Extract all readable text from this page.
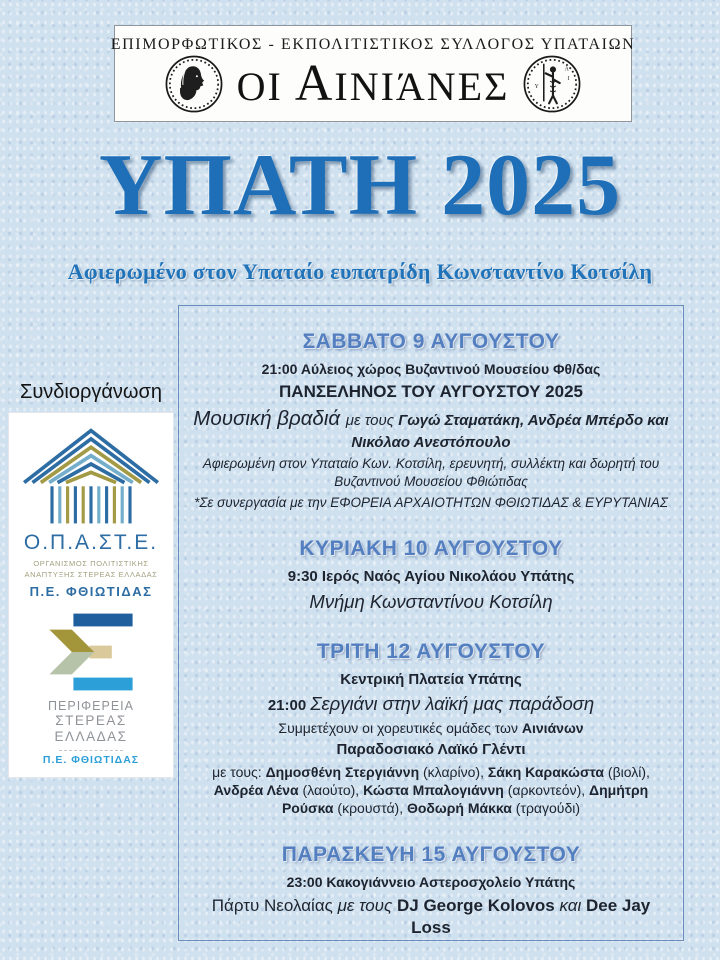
ΕΠΙΜΟΡΦΩΤΙΚΟΣ - ΕΚΠΟΛΙΤΙΣΤΙΚΟΣ ΣΥΛΛΟΓΟΣ ΥΠΑΤΑΙΩΝ
ΟΙ ΑΙΝΙΆΝΕΣ	Α
Ι
Υ
ΥΠΑΤΗ 2025
Αφιερωμένο στον Υπαταίο ευπατρίδη Κωνσταντίνο Κοτσίλη
Συνδιοργάνωση
Ο.Π.Α.ΣΤ.Ε.
ΟΡΓΑΝΙΣΜΟΣ ΠΟΛΙΤΙΣΤΙΚΗΣ
ΑΝΑΠΤΥΞΗΣ ΣΤΕΡΕΑΣ ΕΛΛΑΔΑΣ
Π.Ε. ΦΘΙΩΤΙΔΑΣ
ΠΕΡΙΦΕΡΕΙΑ
ΣΤΕΡΕΑΣ
ΕΛΛΑΔΑΣ
Π.Ε. ΦΘΙΩΤΙΔΑΣ
ΣΑΒΒΑΤΟ 9 ΑΥΓΟΥΣΤΟΥ
21:00 Αύλειος χώρος Βυζαντινού Μουσείου Φθ/δας
ΠΑΝΣΕΛΗΝΟΣ ΤΟΥ ΑΥΓΟΥΣΤΟΥ 2025
Μουσική βραδιά με τους Γωγώ Σταματάκη, Ανδρέα Μπέρδο και Νικόλαο Ανεστόπουλο
Αφιερωμένη στον Υπαταίο Κων. Κοτσίλη, ερευνητή, συλλέκτη και δωρητή του Βυζαντινού Μουσείου Φθιώτιδας
*Σε συνεργασία με την ΕΦΟΡΕΙΑ ΑΡΧΑΙΟΤΗΤΩΝ ΦΘΙΩΤΙΔΑΣ & ΕΥΡΥΤΑΝΙΑΣ
ΚΥΡΙΑΚΗ 10 ΑΥΓΟΥΣΤΟΥ
9:30 Ιερός Ναός Αγίου Νικολάου Υπάτης
Μνήμη Κωνσταντίνου Κοτσίλη
ΤΡΙΤΗ 12 ΑΥΓΟΥΣΤΟΥ
Κεντρική Πλατεία Υπάτης
21:00 Σεργιάνι στην λαϊκή μας παράδοση
Συμμετέχουν οι χορευτικές ομάδες των Αινιάνων
Παραδοσιακό Λαϊκό Γλέντι
με τους: Δημοσθένη Στεργιάννη (κλαρίνο), Σάκη Καρακώστα (βιολί), Ανδρέα Λένα (λαούτο), Κώστα Μπαλογιάννη (αρκοντεόν), Δημήτρη Ρούσκα (κρουστά), Θοδωρή Μάκκα (τραγούδι)
ΠΑΡΑΣΚΕΥΗ 15 ΑΥΓΟΥΣΤΟΥ
23:00 Κακογιάννειο Αστεροσχολείο Υπάτης
Πάρτυ Νεολαίας με τους DJ George Kolovos και Dee Jay Loss
